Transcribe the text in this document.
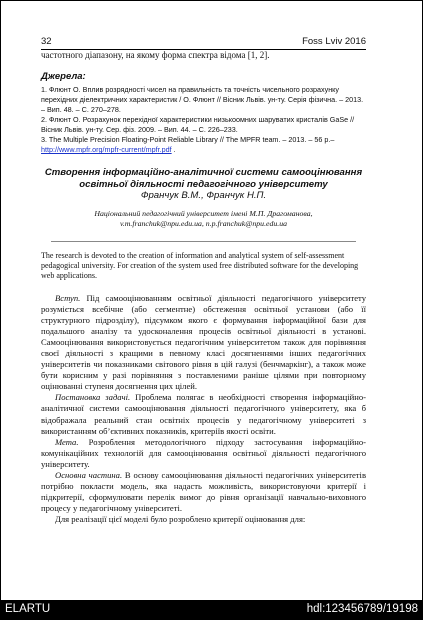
32	Foss Lviv 2016

частотного діапазону, на якому форма спектра відома [1, 2].

Джерела:

1. Флюнт О. Вплив розрядності чисел на правильність та точність чисельного розрахунку перехідних діелектричних характеристик / О. Флюнт // Вісник Львів. ун-ту. Серія фізична. – 2013. – Вип. 48. – С. 270–278.

2. Флюнт О. Розрахунок перехідної характеристики низькоомних шаруватих кристалів GaSe // Вісник Львів. ун-ту. Сер. фіз. 2009. – Вип. 44. – С. 226–233.

3. The Multiple Precision Floating-Point Reliable Library // The MPFR team. – 2013. – 56 p.– http://www.mpfr.org/mpfr-current/mpfr.pdf .

Створення інформаційно-аналітичної системи самооцінювання освітньої діяльності педагогічного університету

Франчук В.М., Франчук Н.П.

Національний педагогічний університет імені М.П. Драгоманова,
v.m.franchuk@npu.edu.ua, n.p.franchuk@npu.edu.ua

The research is devoted to the creation of information and analytical system of self-assessment pedagogical university. For creation of the system used free distributed software for the developing web applications.

Вступ. Під самооцінюванням освітньої діяльності педагогічного університету розуміється всебічне (або сегментне) обстеження освітньої установи (або її структурного підрозділу), підсумком якого є формування інформаційної бази для подальшого аналізу та удосконалення процесів освітньої діяльності в установі. Самооцінювання використовується педагогічним університетом також для порівняння своєї діяльності з кращими в певному класі досягненнями інших педагогічних університетів чи показниками світового рівня в цій галузі (бенчмаркінг), а також може бути корисним у разі порівняння з поставленими раніше цілями при повторному оцінюванні ступеня досягнення цих цілей.

Постановка задачі. Проблема полягає в необхідності створення інформаційно-аналітичної системи самооцінювання діяльності педагогічного університету, яка б відображала реальний стан освітніх процесів у педагогічному університеті з використанням об’єктивних показників, критеріїв якості освіти.

Мета. Розроблення методологічного підходу застосування інформаційно-комунікаційних технологій для самооцінювання освітньої діяльності педагогічного університету.

Основна частина. В основу самооцінювання діяльності педагогічних університетів потрібно покласти модель, яка надасть можливість, використовуючи критерії і підкритерії, сформулювати перелік вимог до рівня організації навчально-виховного процесу у педагогічному університеті.

Для реалізації цієї моделі було розроблено критерії оцінювання для:

ELARTU	hdl:123456789/19198
